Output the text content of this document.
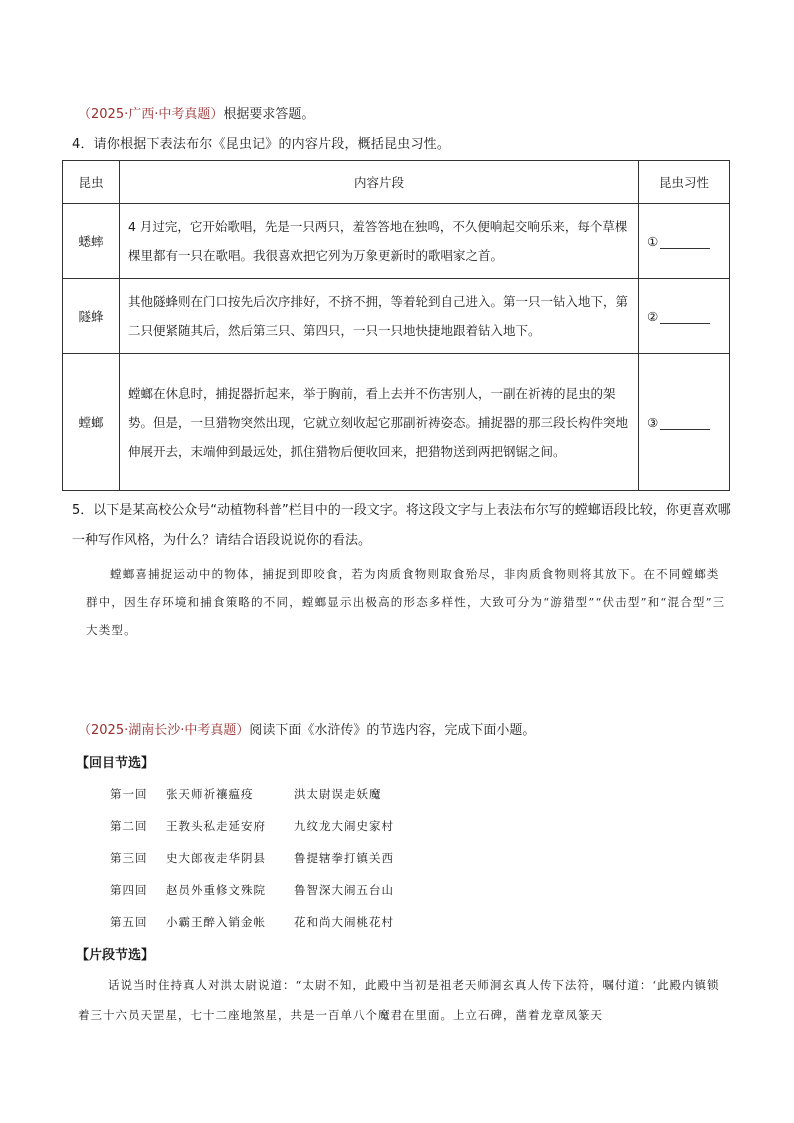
（2025·广西·中考真题）根据要求答题。
4．请你根据下表法布尔《昆虫记》的内容片段，概括昆虫习性。
昆虫	内容片段	昆虫习性
蟋蟀	4 月过完，它开始歌唱，先是一只两只，羞答答地在独鸣，不久便响起交响乐来，每个草棵棵里都有一只在歌唱。我很喜欢把它列为万象更新时的歌唱家之首。	①
隧蜂	其他隧蜂则在门口按先后次序排好，不挤不拥，等着轮到自己进入。第一只一钻入地下，第二只便紧随其后，然后第三只、第四只，一只一只地快捷地跟着钻入地下。	②
螳螂	螳螂在休息时，捕捉器折起来，举于胸前，看上去并不伤害别人，一副在祈祷的昆虫的架势。但是，一旦猎物突然出现，它就立刻收起它那副祈祷姿态。捕捉器的那三段长构件突地伸展开去，末端伸到最远处，抓住猎物后便收回来，把猎物送到两把钢锯之间。	③
5．以下是某高校公众号“动植物科普”栏目中的一段文字。将这段文字与上表法布尔写的螳螂语段比较，你更喜欢哪一种写作风格，为什么？请结合语段说说你的看法。
螳螂喜捕捉运动中的物体，捕捉到即咬食，若为肉质食物则取食殆尽，非肉质食物则将其放下。在不同螳螂类群中，因生存环境和捕食策略的不同，螳螂显示出极高的形态多样性，大致可分为“游猎型”“伏击型”和“混合型”三大类型。
（2025·湖南长沙·中考真题）阅读下面《水浒传》的节选内容，完成下面小题。
【回目节选】
第一回 张天师祈禳瘟疫	洪太尉误走妖魔
第二回 王教头私走延安府 九纹龙大闹史家村
第三回 史大郎夜走华阴县 鲁提辖拳打镇关西
第四回 赵员外重修文殊院 鲁智深大闹五台山
第五回 小霸王醉入销金帐 花和尚大闹桃花村
【片段节选】
话说当时住持真人对洪太尉说道：“太尉不知，此殿中当初是祖老天师洞玄真人传下法符，嘱付道：‘此殿内镇锁着三十六员天罡星，七十二座地煞星，共是一百单八个魔君在里面。上立石碑，凿着龙章凤篆天
